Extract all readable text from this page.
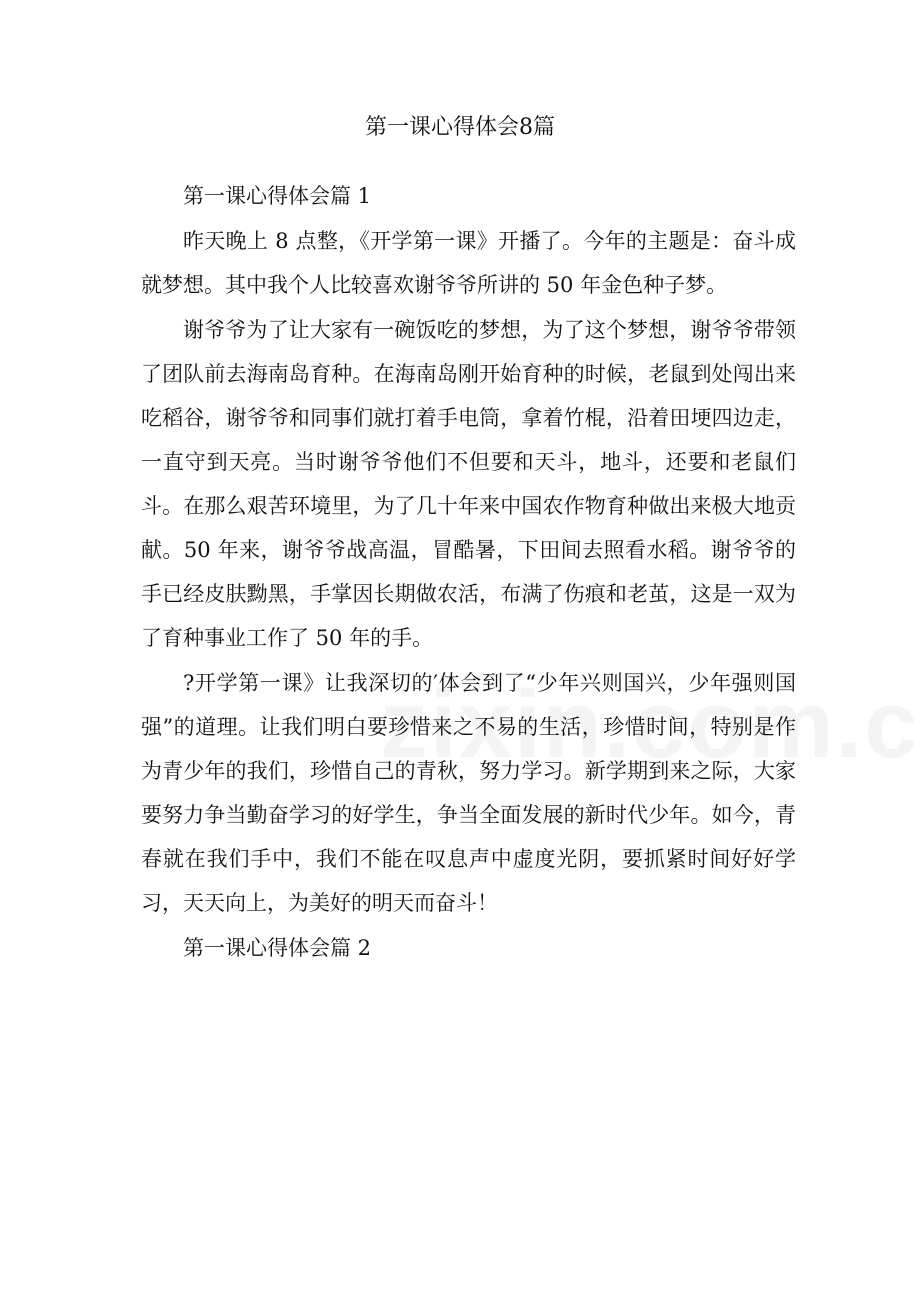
第一课心得体会8篇

第一课心得体会篇 1

昨天晚上 8 点整，《开学第一课》开播了。今年的主题是：奋斗成就梦想。其中我个人比较喜欢谢爷爷所讲的 50 年金色种子梦。

谢爷爷为了让大家有一碗饭吃的梦想，为了这个梦想，谢爷爷带领了团队前去海南岛育种。在海南岛刚开始育种的时候，老鼠到处闯出来吃稻谷，谢爷爷和同事们就打着手电筒，拿着竹棍，沿着田埂四边走，一直守到天亮。当时谢爷爷他们不但要和天斗，地斗，还要和老鼠们斗。在那么艰苦环境里，为了几十年来中国农作物育种做出来极大地贡献。50 年来，谢爷爷战高温，冒酷暑，下田间去照看水稻。谢爷爷的手已经皮肤黝黑，手掌因长期做农活，布满了伤痕和老茧，这是一双为了育种事业工作了 50 年的手。

?开学第一课》让我深切的′体会到了“少年兴则国兴，少年强则国强”的道理。让我们明白要珍惜来之不易的生活，珍惜时间，特别是作为青少年的我们，珍惜自己的青秋，努力学习。新学期到来之际，大家要努力争当勤奋学习的好学生，争当全面发展的新时代少年。如今，青春就在我们手中，我们不能在叹息声中虚度光阴，要抓紧时间好好学习，天天向上，为美好的明天而奋斗！

第一课心得体会篇 2
